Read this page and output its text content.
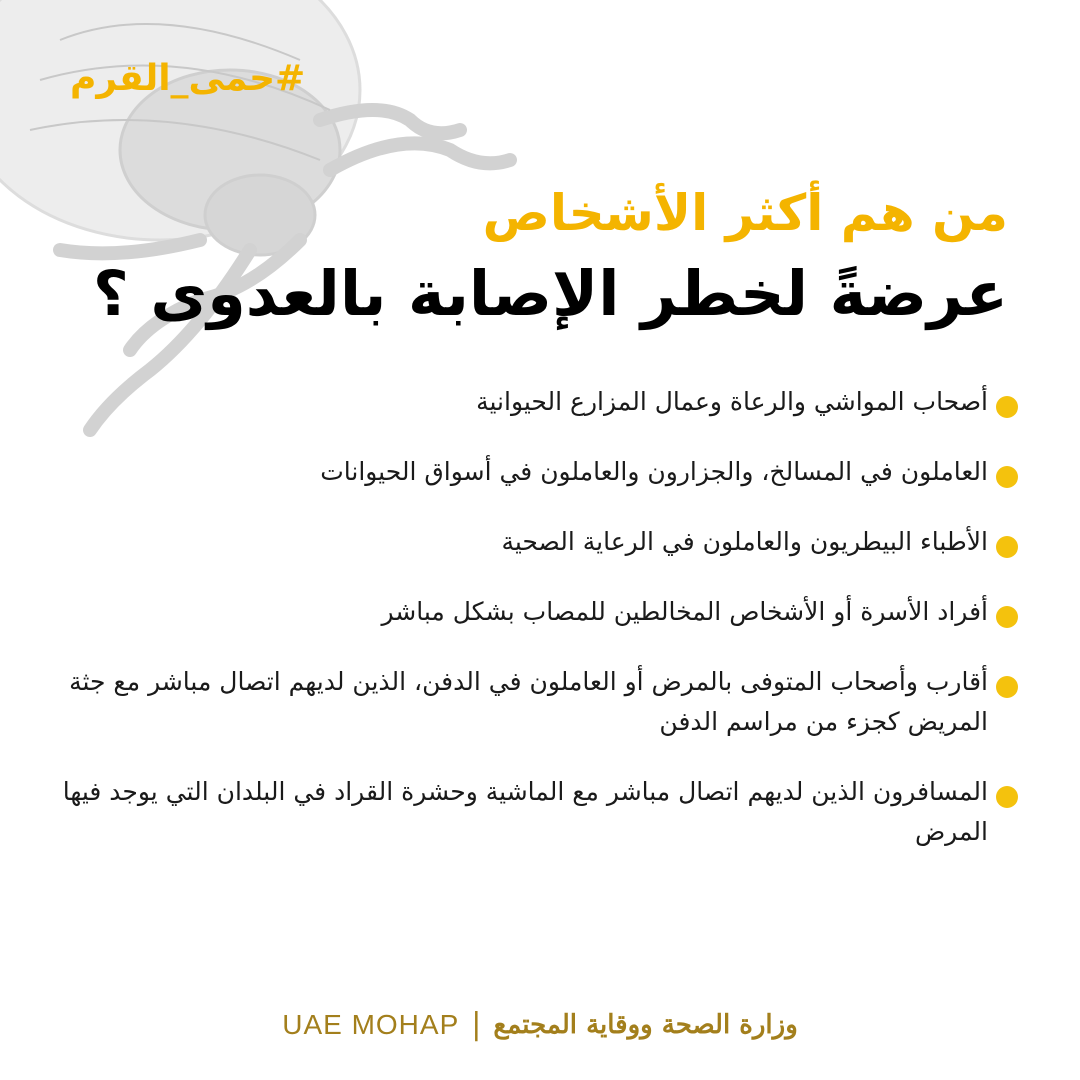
#حمى_القرم
من هم أكثر الأشخاص
عرضةً لخطر الإصابة بالعدوى ؟
أصحاب المواشي والرعاة وعمال المزارع الحيوانية
العاملون في المسالخ، والجزارون والعاملون في أسواق الحيوانات
الأطباء البيطريون والعاملون في الرعاية الصحية
أفراد الأسرة أو الأشخاص المخالطين للمصاب بشكل مباشر
أقارب وأصحاب المتوفى بالمرض أو العاملون في الدفن، الذين لديهم اتصال مباشر مع جثة المريض كجزء من مراسم الدفن
المسافرون الذين لديهم اتصال مباشر مع الماشية وحشرة القراد في البلدان التي يوجد فيها المرض
UAE MOHAP | وزارة الصحة ووقاية المجتمع
